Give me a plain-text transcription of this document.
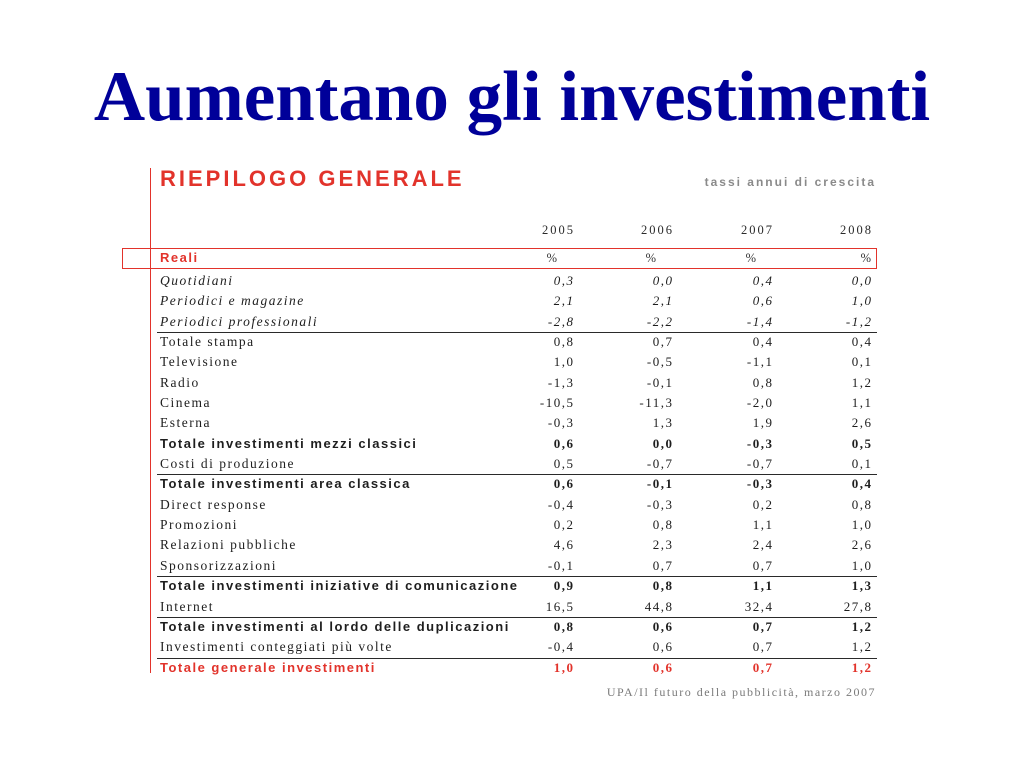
Aumentano gli investimenti
RIEPILOGO GENERALE	tassi annui di crescita
2005	2006	2007	2008
Reali	%	%	%	%
Quotidiani	0,3	0,0	0,4	0,0
Periodici e magazine	2,1	2,1	0,6	1,0
Periodici professionali	-2,8	-2,2	-1,4	-1,2
Totale stampa	0,8	0,7	0,4	0,4
Televisione	1,0	-0,5	-1,1	0,1
Radio	-1,3	-0,1	0,8	1,2
Cinema	-10,5	-11,3	-2,0	1,1
Esterna	-0,3	1,3	1,9	2,6
Totale investimenti mezzi classici	0,6	0,0	-0,3	0,5
Costi di produzione	0,5	-0,7	-0,7	0,1
Totale investimenti area classica	0,6	-0,1	-0,3	0,4
Direct response	-0,4	-0,3	0,2	0,8
Promozioni	0,2	0,8	1,1	1,0
Relazioni pubbliche	4,6	2,3	2,4	2,6
Sponsorizzazioni	-0,1	0,7	0,7	1,0
Totale investimenti iniziative di comunicazione	0,9	0,8	1,1	1,3
Internet	16,5	44,8	32,4	27,8
Totale investimenti al lordo delle duplicazioni	0,8	0,6	0,7	1,2
Investimenti conteggiati più volte	-0,4	0,6	0,7	1,2
Totale generale investimenti	1,0	0,6	0,7	1,2
UPA/Il futuro della pubblicità, marzo 2007
